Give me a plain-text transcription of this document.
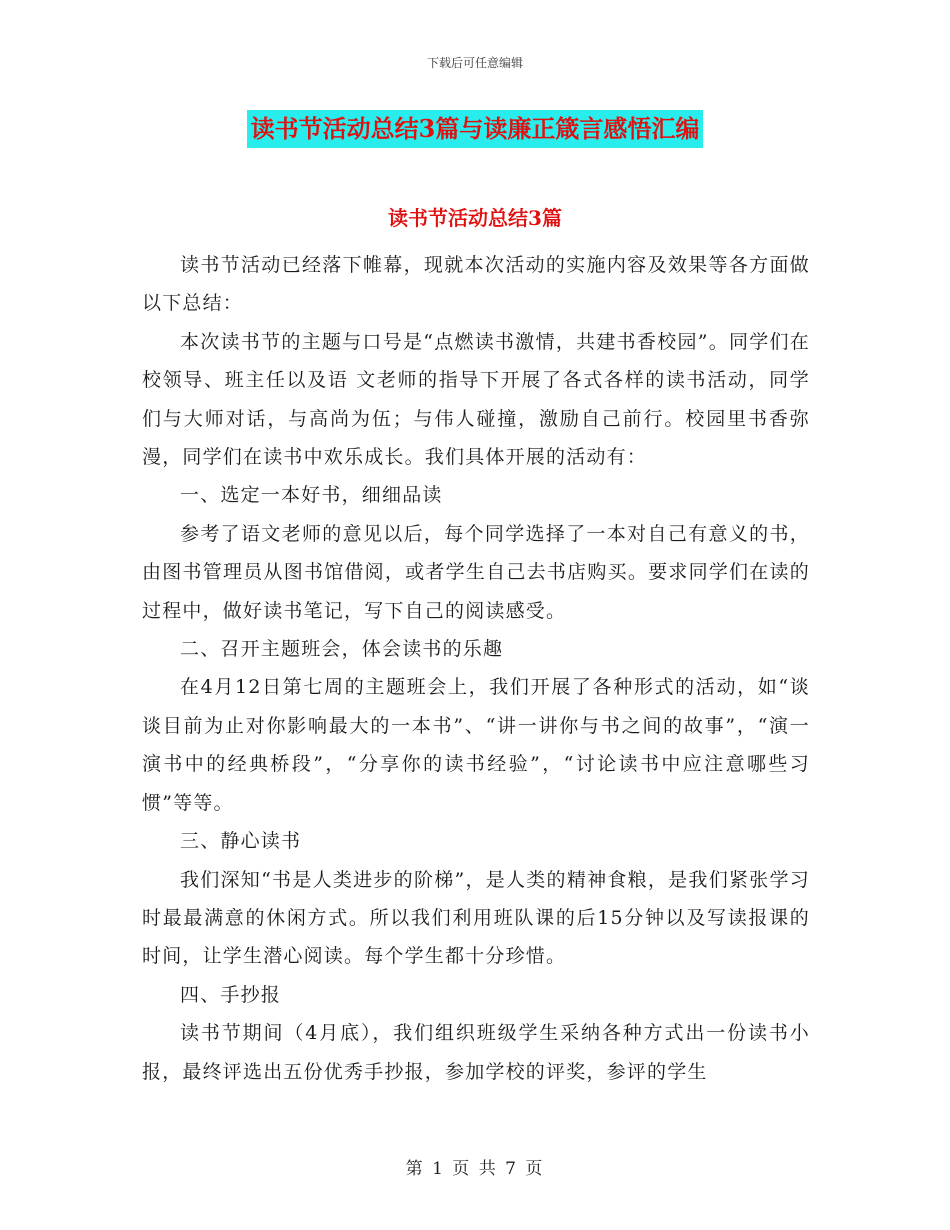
下载后可任意编辑
读书节活动总结3篇与读廉正箴言感悟汇编
读书节活动总结3篇

读书节活动已经落下帷幕，现就本次活动的实施内容及效果等各方面做以下总结：

本次读书节的主题与口号是“点燃读书激情，共建书香校园”。同学们在校领导、班主任以及语 文老师的指导下开展了各式各样的读书活动，同学们与大师对话，与高尚为伍；与伟人碰撞，激励自己前行。校园里书香弥漫，同学们在读书中欢乐成长。我们具体开展的活动有：

一、选定一本好书，细细品读

参考了语文老师的意见以后，每个同学选择了一本对自己有意义的书，由图书管理员从图书馆借阅，或者学生自己去书店购买。要求同学们在读的过程中，做好读书笔记，写下自己的阅读感受。

二、召开主题班会，体会读书的乐趣

在4月12日第七周的主题班会上，我们开展了各种形式的活动，如“谈谈目前为止对你影响最大的一本书”、“讲一讲你与书之间的故事”，“演一演书中的经典桥段”，“分享你的读书经验”，“讨论读书中应注意哪些习惯”等等。

三、静心读书

我们深知“书是人类进步的阶梯”，是人类的精神食粮，是我们紧张学习时最最满意的休闲方式。所以我们利用班队课的后15分钟以及写读报课的时间，让学生潜心阅读。每个学生都十分珍惜。

四、手抄报

读书节期间（4月底），我们组织班级学生采纳各种方式出一份读书小报，最终评选出五份优秀手抄报，参加学校的评奖，参评的学生

第 1 页 共 7 页
